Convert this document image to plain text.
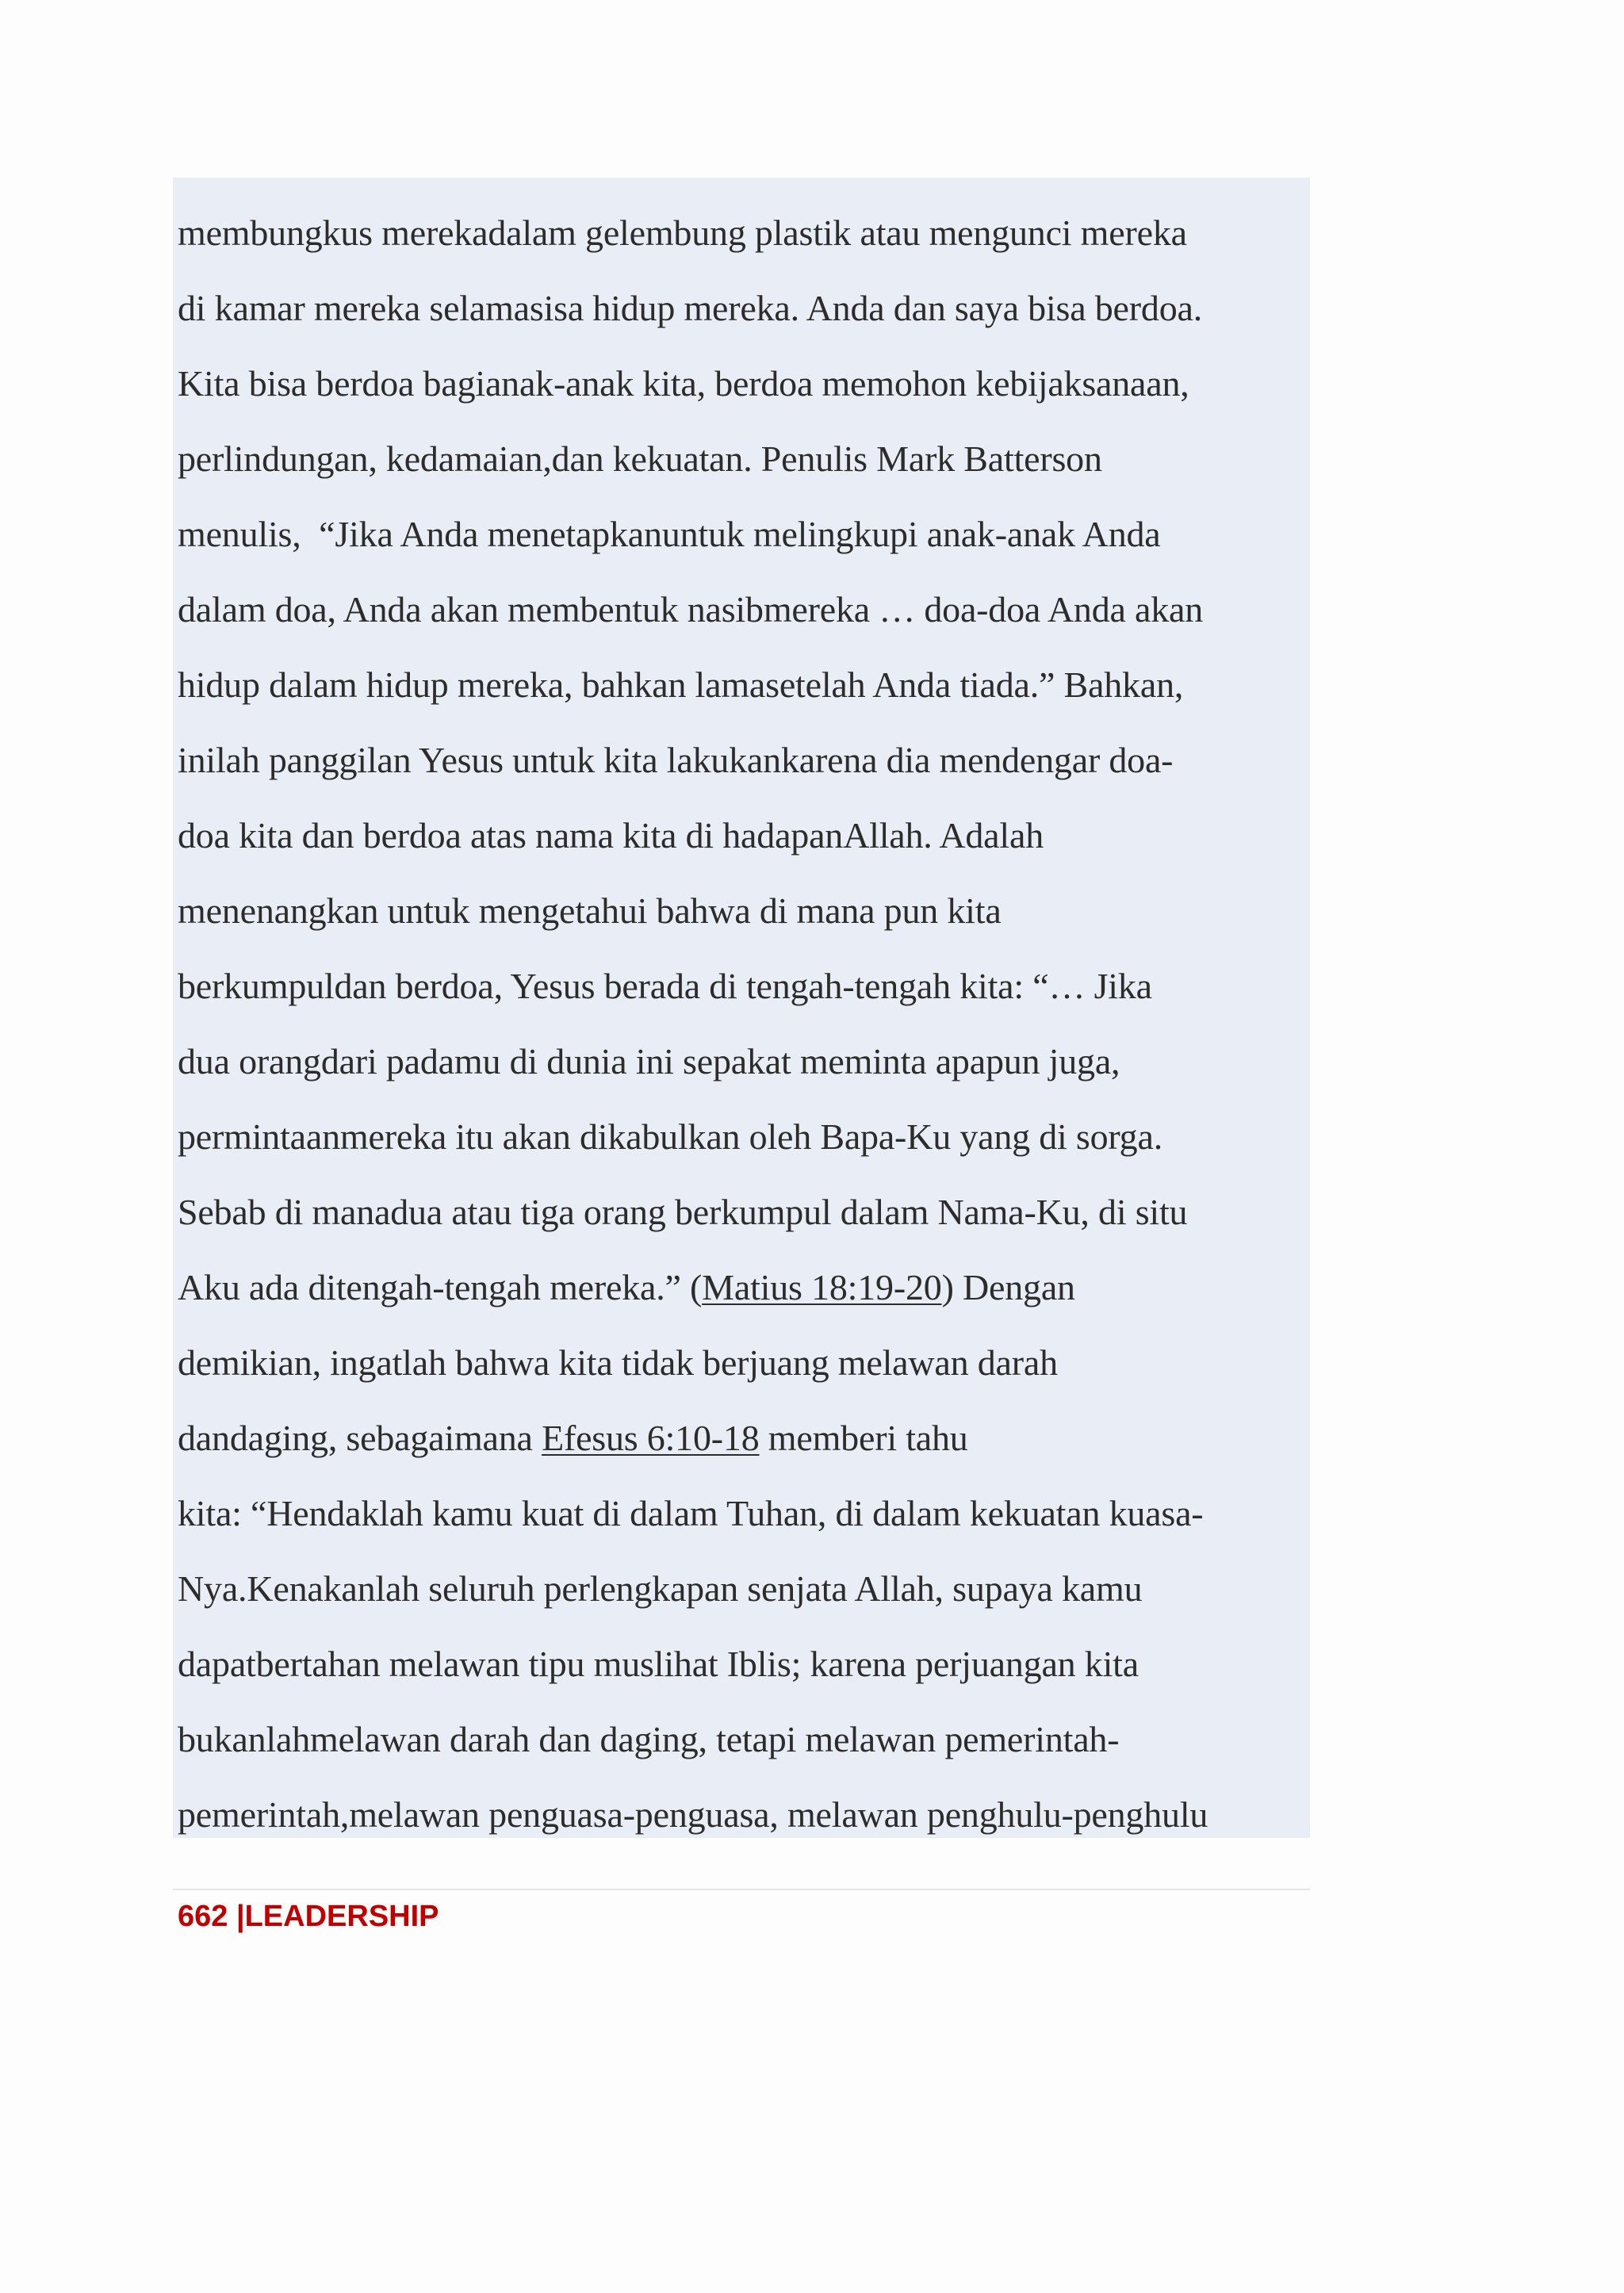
membungkus merekadalam gelembung plastik atau mengunci mereka
di kamar mereka selamasisa hidup mereka. Anda dan saya bisa berdoa.
Kita bisa berdoa bagianak-anak kita, berdoa memohon kebijaksanaan,
perlindungan, kedamaian,dan kekuatan. Penulis Mark Batterson
menulis,  “Jika Anda menetapkanuntuk melingkupi anak-anak Anda
dalam doa, Anda akan membentuk nasibmereka … doa-doa Anda akan
hidup dalam hidup mereka, bahkan lamasetelah Anda tiada.” Bahkan,
inilah panggilan Yesus untuk kita lakukankarena dia mendengar doa-
doa kita dan berdoa atas nama kita di hadapanAllah. Adalah
menenangkan untuk mengetahui bahwa di mana pun kita
berkumpuldan berdoa, Yesus berada di tengah-tengah kita: “… Jika
dua orangdari padamu di dunia ini sepakat meminta apapun juga,
permintaanmereka itu akan dikabulkan oleh Bapa-Ku yang di sorga.
Sebab di manadua atau tiga orang berkumpul dalam Nama-Ku, di situ
Aku ada ditengah-tengah mereka.” (Matius 18:19-20) Dengan
demikian, ingatlah bahwa kita tidak berjuang melawan darah
dandaging, sebagaimana Efesus 6:10-18 memberi tahu
kita: “Hendaklah kamu kuat di dalam Tuhan, di dalam kekuatan kuasa-
Nya.Kenakanlah seluruh perlengkapan senjata Allah, supaya kamu
dapatbertahan melawan tipu muslihat Iblis; karena perjuangan kita
bukanlahmelawan darah dan daging, tetapi melawan pemerintah-
pemerintah,melawan penguasa-penguasa, melawan penghulu-penghulu
662 |LEADERSHIP
